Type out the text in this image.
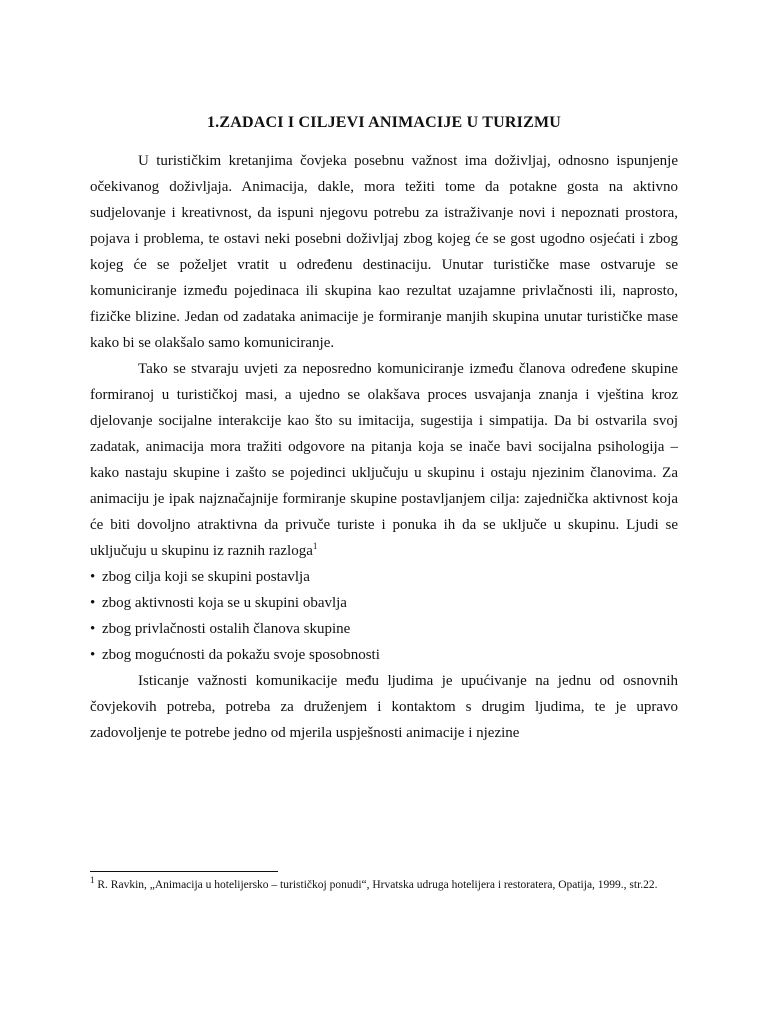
1.ZADACI I CILJEVI ANIMACIJE U TURIZMU

U turističkim kretanjima čovjeka posebnu važnost ima doživljaj, odnosno ispunjenje očekivanog doživljaja. Animacija, dakle, mora težiti tome da potakne gosta na aktivno sudjelovanje i kreativnost, da ispuni njegovu potrebu za istraživanje novi i nepoznati prostora, pojava i problema, te ostavi neki posebni doživljaj zbog kojeg će se gost ugodno osjećati i zbog kojeg će se poželjet vratit u određenu destinaciju. Unutar turističke mase ostvaruje se komuniciranje između pojedinaca ili skupina kao rezultat uzajamne privlačnosti ili, naprosto, fizičke blizine. Jedan od zadataka animacije je formiranje manjih skupina unutar turističke mase kako bi se olakšalo samo komuniciranje.

Tako se stvaraju uvjeti za neposredno komuniciranje između članova određene skupine formiranoj u turističkoj masi, a ujedno se olakšava proces usvajanja znanja i vještina kroz djelovanje socijalne interakcije kao što su imitacija, sugestija i simpatija. Da bi ostvarila svoj zadatak, animacija mora tražiti odgovore na pitanja koja se inače bavi socijalna psihologija – kako nastaju skupine i zašto se pojedinci uključuju u skupinu i ostaju njezinim članovima. Za animaciju je ipak najznačajnije formiranje skupine postavljanjem cilja: zajednička aktivnost koja će biti dovoljno atraktivna da privuče turiste i ponuka ih da se uključe u skupinu. Ljudi se uključuju u skupinu iz raznih razloga$^1$

• zbog cilja koji se skupini postavlja
• zbog aktivnosti koja se u skupini obavlja
• zbog privlačnosti ostalih članova skupine
• zbog mogućnosti da pokažu svoje sposobnosti

Isticanje važnosti komunikacije među ljudima je upućivanje na jednu od osnovnih čovjekovih potreba, potreba za druženjem i kontaktom s drugim ljudima, te je upravo zadovoljenje te potrebe jedno od mjerila uspješnosti animacije i njezine

$^1$ R. Ravkin, „Animacija u hotelijersko – turističkoj ponudi“, Hrvatska udruga hotelijera i restoratera, Opatija, 1999., str.22.
